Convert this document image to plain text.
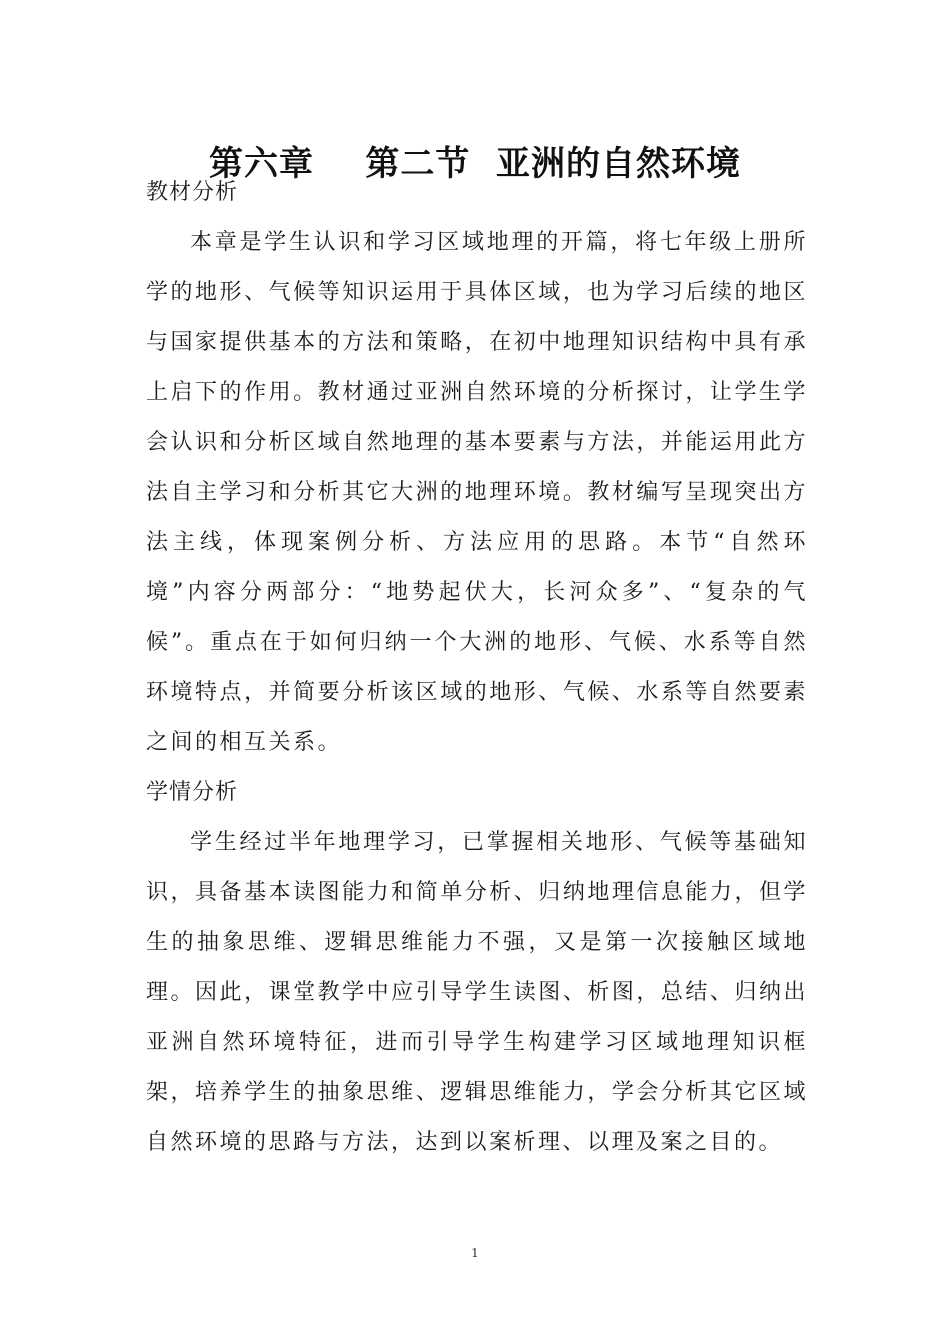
第六章    第二节  亚洲的自然环境
教材分析

本章是学生认识和学习区域地理的开篇，将七年级上册所学的地形、气候等知识运用于具体区域，也为学习后续的地区与国家提供基本的方法和策略，在初中地理知识结构中具有承上启下的作用。教材通过亚洲自然环境的分析探讨，让学生学会认识和分析区域自然地理的基本要素与方法，并能运用此方法自主学习和分析其它大洲的地理环境。教材编写呈现突出方法主线，体现案例分析、方法应用的思路。本节“自然环境”内容分两部分：“地势起伏大，长河众多”、“复杂的气候”。重点在于如何归纳一个大洲的地形、气候、水系等自然环境特点，并简要分析该区域的地形、气候、水系等自然要素之间的相互关系。

学情分析

学生经过半年地理学习，已掌握相关地形、气候等基础知识，具备基本读图能力和简单分析、归纳地理信息能力，但学生的抽象思维、逻辑思维能力不强，又是第一次接触区域地理。因此，课堂教学中应引导学生读图、析图，总结、归纳出亚洲自然环境特征，进而引导学生构建学习区域地理知识框架，培养学生的抽象思维、逻辑思维能力，学会分析其它区域自然环境的思路与方法，达到以案析理、以理及案之目的。

1
